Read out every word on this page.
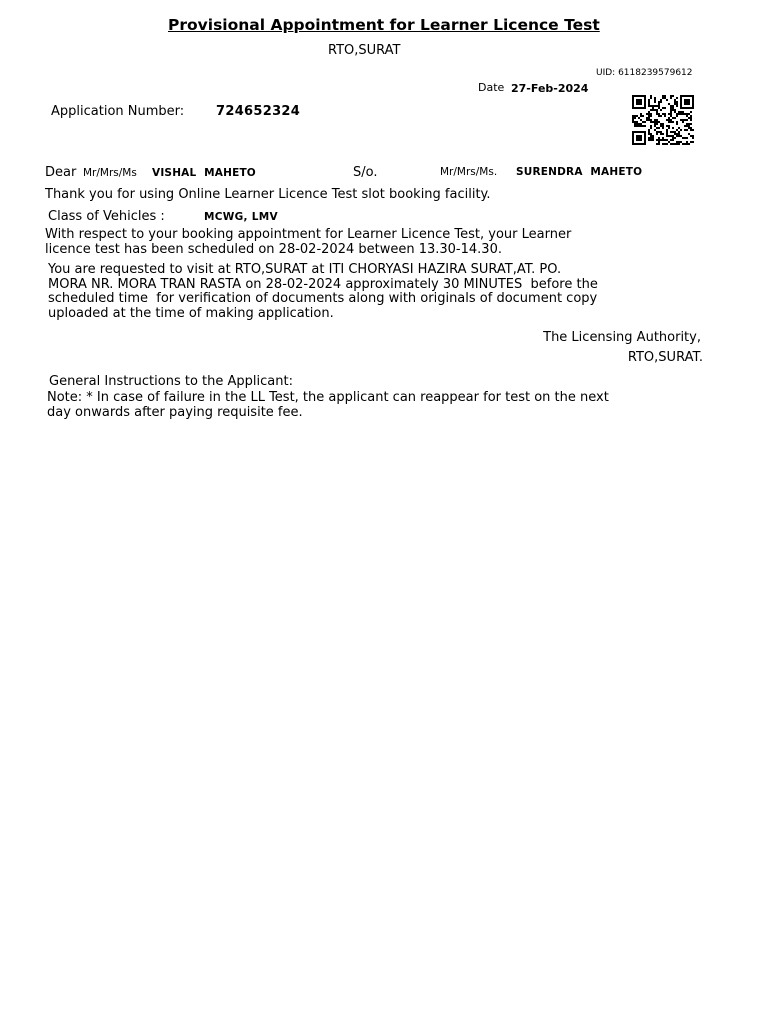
Provisional Appointment for Learner Licence Test
RTO,SURAT
UID: 6118239579612
Date 27-Feb-2024
Application Number: 724652324
Dear Mr/Mrs/Ms VISHAL  MAHETO	S/o.	Mr/Mrs/Ms. SURENDRA  MAHETO
Thank you for using Online Learner Licence Test slot booking facility.
Class of Vehicles :	MCWG, LMV
With respect to your booking appointment for Learner Licence Test, your Learner
licence test has been scheduled on 28-02-2024 between 13.30-14.30.
You are requested to visit at RTO,SURAT at ITI CHORYASI HAZIRA SURAT,AT. PO.
MORA NR. MORA TRAN RASTA on 28-02-2024 approximately 30 MINUTES  before the
scheduled time  for verification of documents along with originals of document copy
uploaded at the time of making application.
The Licensing Authority,
RTO,SURAT.
General Instructions to the Applicant:
Note: * In case of failure in the LL Test, the applicant can reappear for test on the next
day onwards after paying requisite fee.
